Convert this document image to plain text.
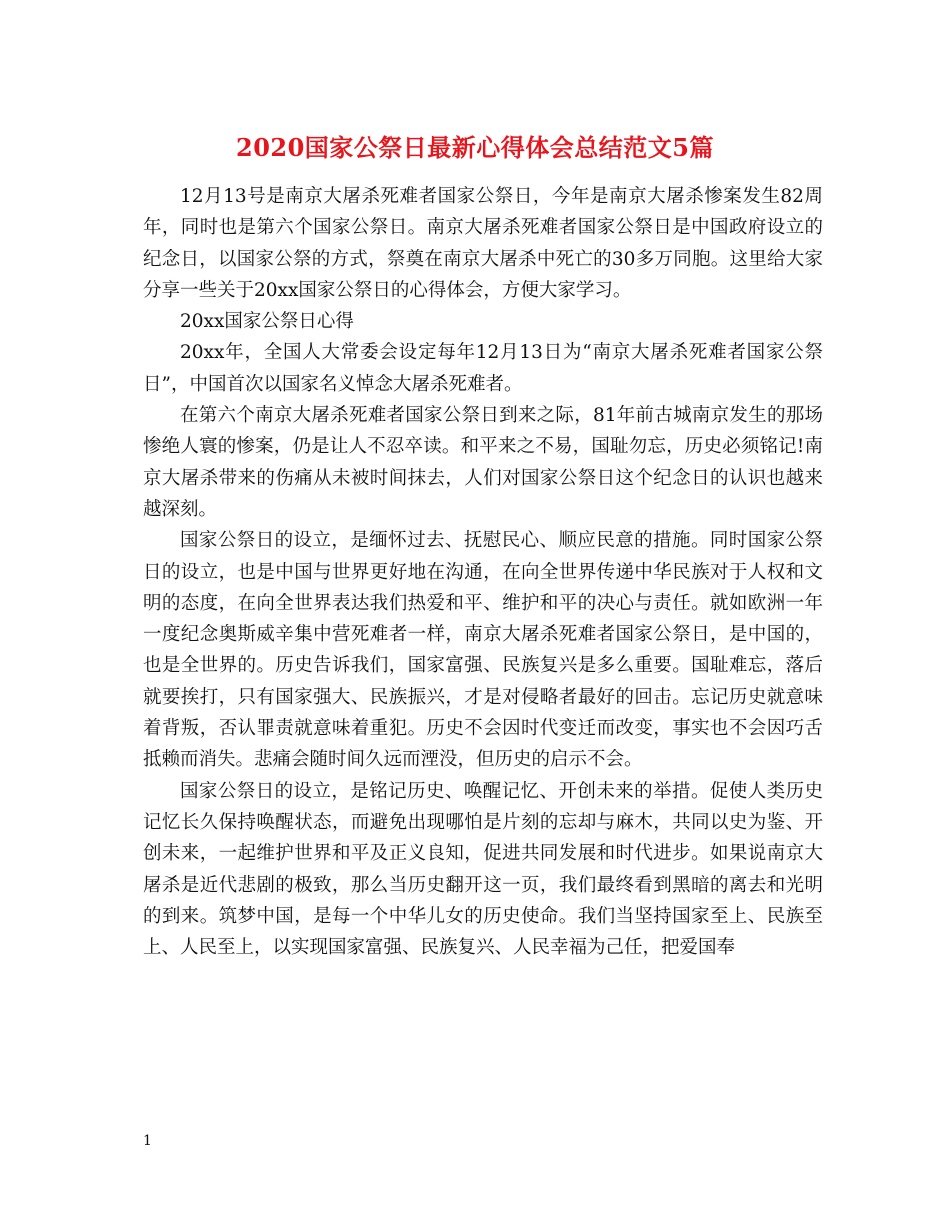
2020国家公祭日最新心得体会总结范文5篇

12月13号是南京大屠杀死难者国家公祭日，今年是南京大屠杀惨案发生82周年，同时也是第六个国家公祭日。南京大屠杀死难者国家公祭日是中国政府设立的纪念日，以国家公祭的方式，祭奠在南京大屠杀中死亡的30多万同胞。这里给大家分享一些关于20xx国家公祭日的心得体会，方便大家学习。

20xx国家公祭日心得

20xx年，全国人大常委会设定每年12月13日为“南京大屠杀死难者国家公祭日”，中国首次以国家名义悼念大屠杀死难者。

在第六个南京大屠杀死难者国家公祭日到来之际，81年前古城南京发生的那场惨绝人寰的惨案，仍是让人不忍卒读。和平来之不易，国耻勿忘，历史必须铭记!南京大屠杀带来的伤痛从未被时间抹去，人们对国家公祭日这个纪念日的认识也越来越深刻。

国家公祭日的设立，是缅怀过去、抚慰民心、顺应民意的措施。同时国家公祭日的设立，也是中国与世界更好地在沟通，在向全世界传递中华民族对于人权和文明的态度，在向全世界表达我们热爱和平、维护和平的决心与责任。就如欧洲一年一度纪念奥斯威辛集中营死难者一样，南京大屠杀死难者国家公祭日，是中国的，也是全世界的。历史告诉我们，国家富强、民族复兴是多么重要。国耻难忘，落后就要挨打，只有国家强大、民族振兴，才是对侵略者最好的回击。忘记历史就意味着背叛，否认罪责就意味着重犯。历史不会因时代变迁而改变，事实也不会因巧舌抵赖而消失。悲痛会随时间久远而湮没，但历史的启示不会。

国家公祭日的设立，是铭记历史、唤醒记忆、开创未来的举措。促使人类历史记忆长久保持唤醒状态，而避免出现哪怕是片刻的忘却与麻木，共同以史为鉴、开创未来，一起维护世界和平及正义良知，促进共同发展和时代进步。如果说南京大屠杀是近代悲剧的极致，那么当历史翻开这一页，我们最终看到黑暗的离去和光明的到来。筑梦中国，是每一个中华儿女的历史使命。我们当坚持国家至上、民族至上、人民至上，以实现国家富强、民族复兴、人民幸福为己任，把爱国奉

1
